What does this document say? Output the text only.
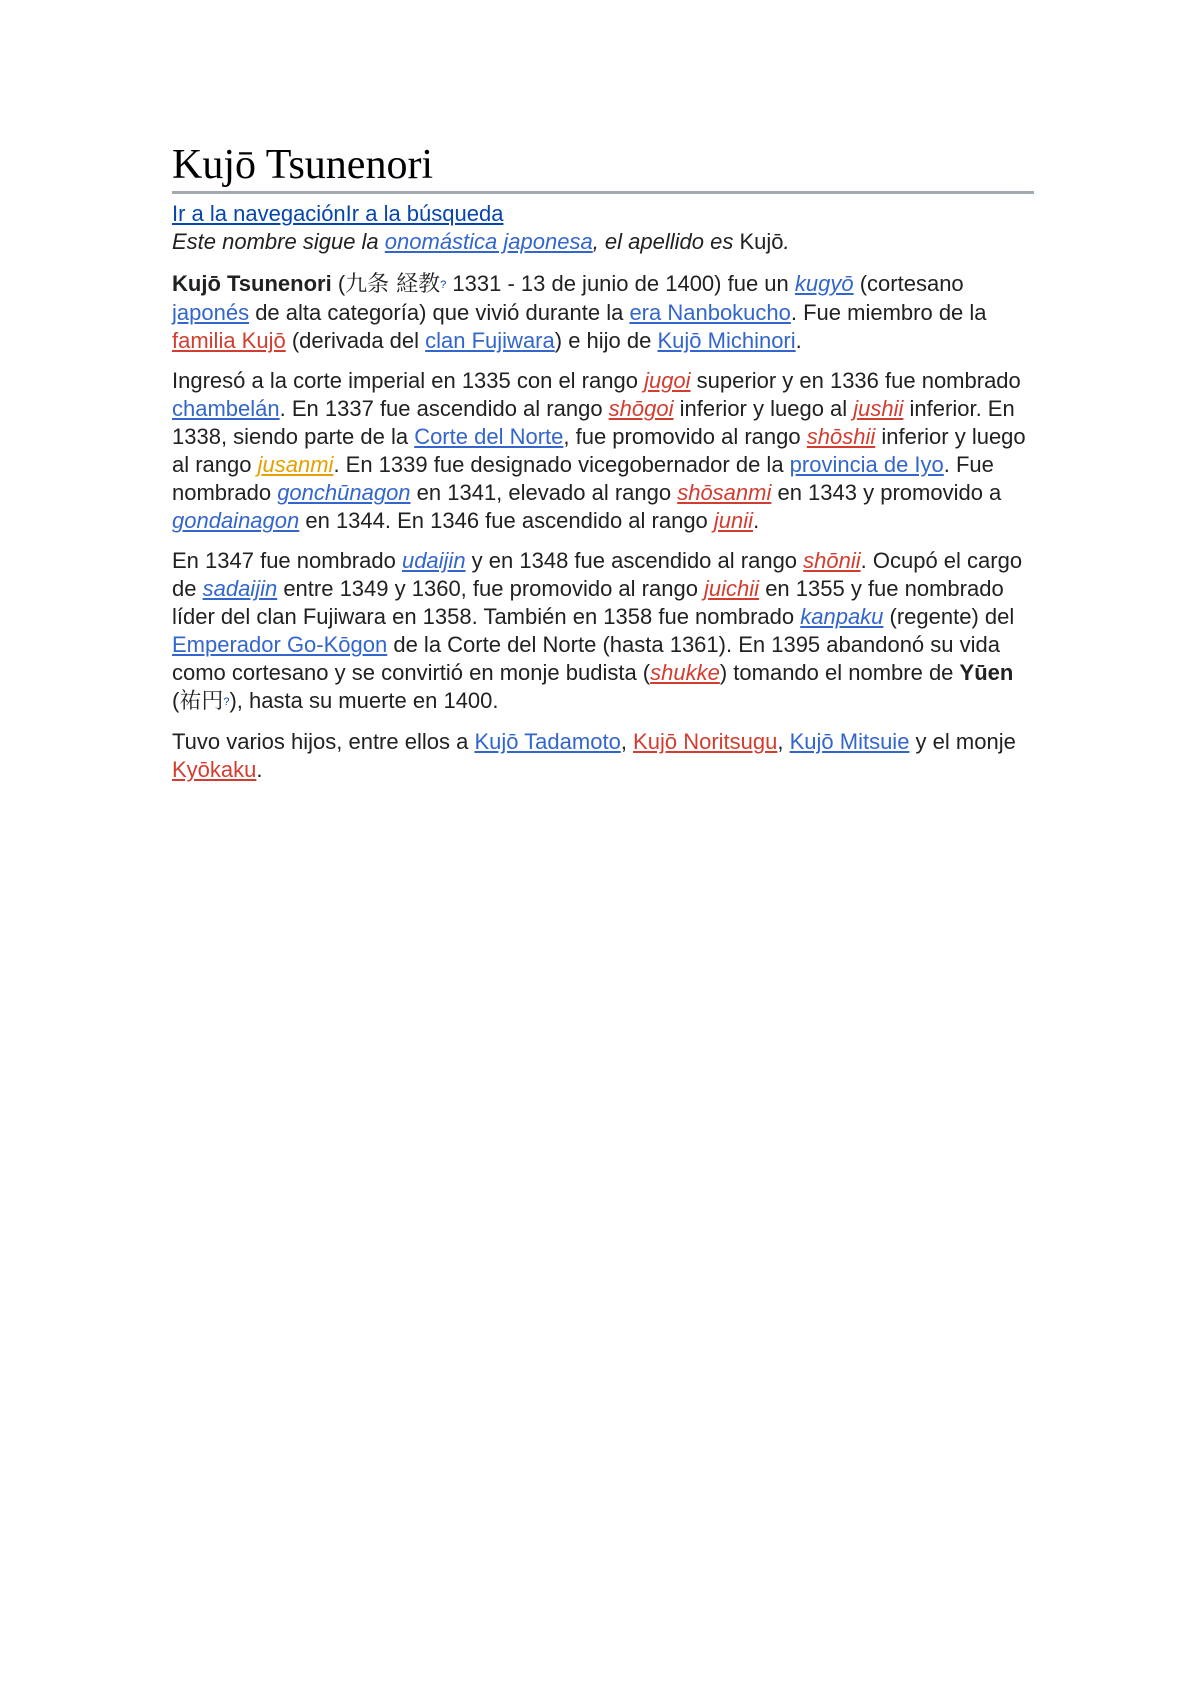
Kujō Tsunenori
Ir a la navegaciónIr a la búsqueda
Este nombre sigue la onomástica japonesa, el apellido es Kujō.

Kujō Tsunenori (九条 経教? 1331 - 13 de junio de 1400) fue un kugyō (cortesano japonés de alta categoría) que vivió durante la era Nanbokucho. Fue miembro de la familia Kujō (derivada del clan Fujiwara) e hijo de Kujō Michinori.

Ingresó a la corte imperial en 1335 con el rango jugoi superior y en 1336 fue nombrado chambelán. En 1337 fue ascendido al rango shōgoi inferior y luego al jushii inferior. En 1338, siendo parte de la Corte del Norte, fue promovido al rango shōshii inferior y luego al rango jusanmi. En 1339 fue designado vicegobernador de la provincia de Iyo. Fue nombrado gonchūnagon en 1341, elevado al rango shōsanmi en 1343 y promovido a gondainagon en 1344. En 1346 fue ascendido al rango junii.

En 1347 fue nombrado udaijin y en 1348 fue ascendido al rango shōnii. Ocupó el cargo de sadaijin entre 1349 y 1360, fue promovido al rango juichii en 1355 y fue nombrado líder del clan Fujiwara en 1358. También en 1358 fue nombrado kanpaku (regente) del Emperador Go-Kōgon de la Corte del Norte (hasta 1361). En 1395 abandonó su vida como cortesano y se convirtió en monje budista (shukke) tomando el nombre de Yūen (祐円?), hasta su muerte en 1400.

Tuvo varios hijos, entre ellos a Kujō Tadamoto, Kujō Noritsugu, Kujō Mitsuie y el monje Kyōkaku.
